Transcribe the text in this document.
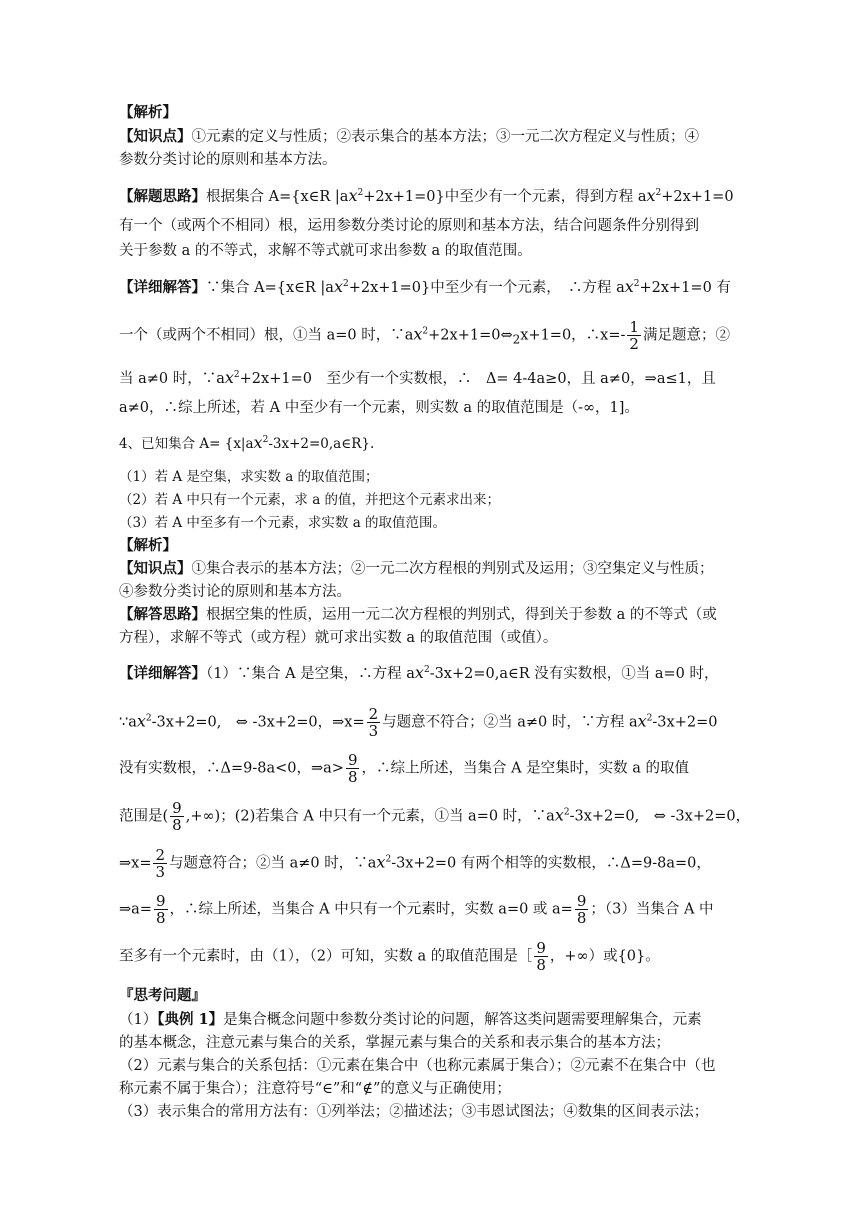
【解析】
【知识点】①元素的定义与性质；②表示集合的基本方法；③一元二次方程定义与性质；④
参数分类讨论的原则和基本方法。
【解题思路】根据集合 A={x∈R $|ax^2+2x+1=0$}中至少有一个元素，得到方程 $ax^2+2x+1=0$
有一个（或两个不相同）根，运用参数分类讨论的原则和基本方法，结合问题条件分别得到
关于参数 a 的不等式，求解不等式就可求出参数 a 的取值范围。
【详细解答】∵集合 A={x∈R $|ax^2+2x+1=0$}中至少有一个元素，　∴方程 $ax^2+2x+1=0$ 有
一个（或两个不相同）根，①当 a=0 时，$\because ax^2+2x+1=0\Leftrightarrow_2x+1=0$，∴x=- $\frac{1}{2}$ 满足题意；②
当 a≠0 时，$\because ax^2+2x+1=0$　至少有一个实数根，∴　Δ= 4-4a≥0，且 a≠0，⇒a≤1，且
a≠0，∴综上所述，若 A 中至少有一个元素，则实数 a 的取值范围是（-∞，1]。
4、已知集合 $A= \{x|ax^2-3x+2=0,a\in R\}$.
（1）若 A 是空集，求实数 a 的取值范围；
（2）若 A 中只有一个元素，求 a 的值，并把这个元素求出来；
（3）若 A 中至多有一个元素，求实数 a 的取值范围。
【解析】
【知识点】①集合表示的基本方法；②一元二次方程根的判别式及运用；③空集定义与性质；
④参数分类讨论的原则和基本方法。
【解答思路】根据空集的性质，运用一元二次方程根的判别式，得到关于参数 a 的不等式（或
方程），求解不等式（或方程）就可求出实数 a 的取值范围（或值）。
【详细解答】（1）∵集合 A 是空集，∴方程 $ax^2-3x+2=0,a\in R$ 没有实数根，①当 a=0 时，
$\because ax^2-3x+2=0$,　⇔ -3x+2=0，⇒x= $\frac{2}{3}$ 与题意不符合；②当 a≠0 时，∵方程 $ax^2-3x+2=0$
没有实数根，∴Δ=9-8a<0，⇒a> $\frac{9}{8}$ ，∴综上所述，当集合 A 是空集时，实数 a 的取值
范围是( $\frac{9}{8}$ ,+∞)；(2)若集合 A 中只有一个元素，①当 a=0 时，$\because ax^2-3x+2=0$,　⇔ -3x+2=0，
⇒x= $\frac{2}{3}$ 与题意符合；②当 a≠0 时，$\because ax^2-3x+2=0$ 有两个相等的实数根，∴Δ=9-8a=0，
⇒a= $\frac{9}{8}$ ，∴综上所述，当集合 A 中只有一个元素时，实数 a=0 或 $a= \frac{9}{8}$ ；（3）当集合 A 中
至多有一个元素时，由（1），（2）可知，实数 a 的取值范围是［ $\frac{9}{8}$ ，+∞）或{0}。
『思考问题』
（1）【典例 1】是集合概念问题中参数分类讨论的问题，解答这类问题需要理解集合，元素
的基本概念，注意元素与集合的关系，掌握元素与集合的关系和表示集合的基本方法；
（2）元素与集合的关系包括：①元素在集合中（也称元素属于集合）；②元素不在集合中（也
称元素不属于集合）；注意符号“∈”和“∉”的意义与正确使用；
（3）表示集合的常用方法有：①列举法；②描述法；③韦恩试图法；④数集的区间表示法；
